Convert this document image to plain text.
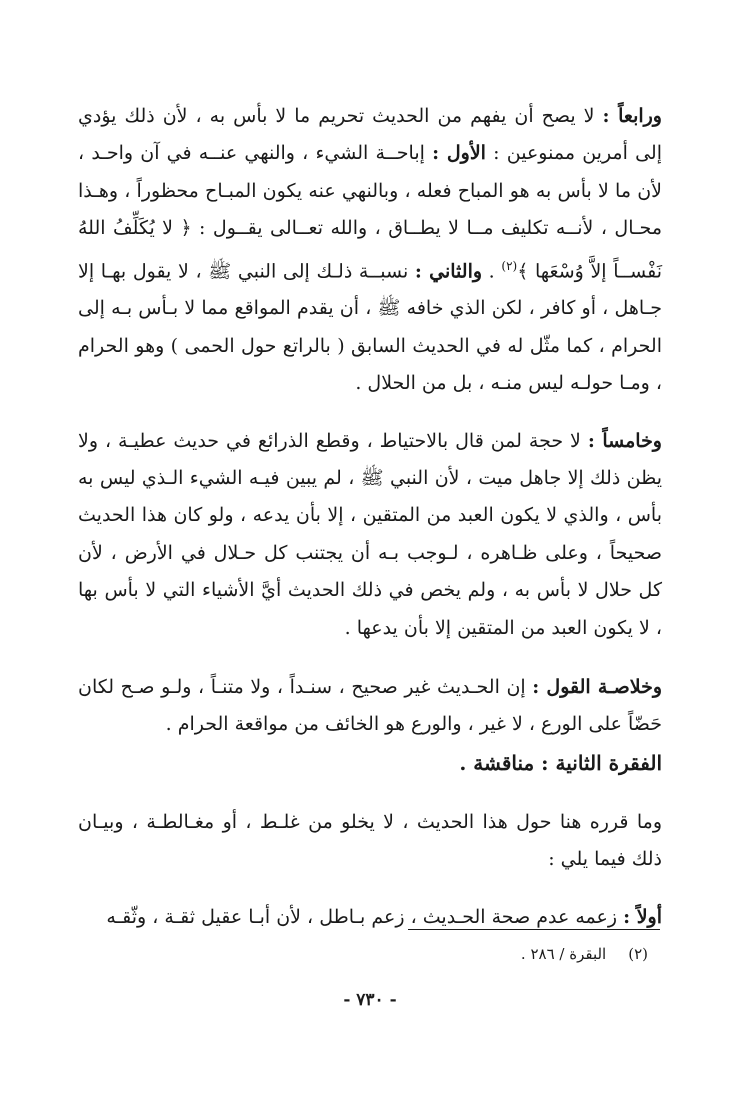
ورابعاً : لا يصح أن يفهم من الحديث تحريم ما لا بأس به ، لأن ذلك يؤدي إلى أمرين ممنوعين : الأول : إباحــة الشيء ، والنهي عنــه في آن واحـد ، لأن ما لا بأس به هو المباح فعله ، وبالنهي عنه يكون المبـاح محظوراً ، وهـذا محـال ، لأنــه تكليف مــا لا يطــاق ، والله تعــالى يقــول : ﴿ لا يُكَلِّفُ اللهُ نَفْســاً إلاَّ وُسْعَها ﴾$^{(٢)}$ . والثاني : نسبــة ذلـك إلى النبي ﷺ ، لا يقول بهـا إلا جـاهل ، أو كافر ، لكن الذي خافه ﷺ ، أن يقدم المواقع مما لا بـأس بـه إلى الحرام ، كما مثّل له في الحديث السابق ( بالراتع حول الحمى ) وهو الحرام ، ومـا حولـه ليس منـه ، بل من الحلال .

وخامساً : لا حجة لمن قال بالاحتياط ، وقطع الذرائع في حديث عطيـة ، ولا يظن ذلك إلا جاهل ميت ، لأن النبي ﷺ ، لم يبين فيـه الشيء الـذي ليس به بأس ، والذي لا يكون العبد من المتقين ، إلا بأن يدعه ، ولو كان هذا الحديث صحيحاً ، وعلى ظـاهره ، لـوجب بـه أن يجتنب كل حـلال في الأرض ، لأن كل حلال لا بأس به ، ولم يخص في ذلك الحديث أيَّ الأشياء التي لا بأس بها ، لا يكون العبد من المتقين إلا بأن يدعها .

وخلاصـة القول : إن الحـديث غير صحيح ، سنـداً ، ولا متنـاً ، ولـو صـح لكان حَضّاً على الورع ، لا غير ، والورع هو الخائف من مواقعة الحرام .

الفقرة الثانية : مناقشة .

وما قرره هنا حول هذا الحديث ، لا يخلو من غلـط ، أو مغـالطـة ، وبيـان ذلك فيما يلي :

أولاً : زعمه عدم صحة الحـديث ، زعم بـاطل ، لأن أبـا عقيل ثقـة ، وثّقـه

(٢)البقرة / ٢٨٦ .
- ٧٣٠ -
